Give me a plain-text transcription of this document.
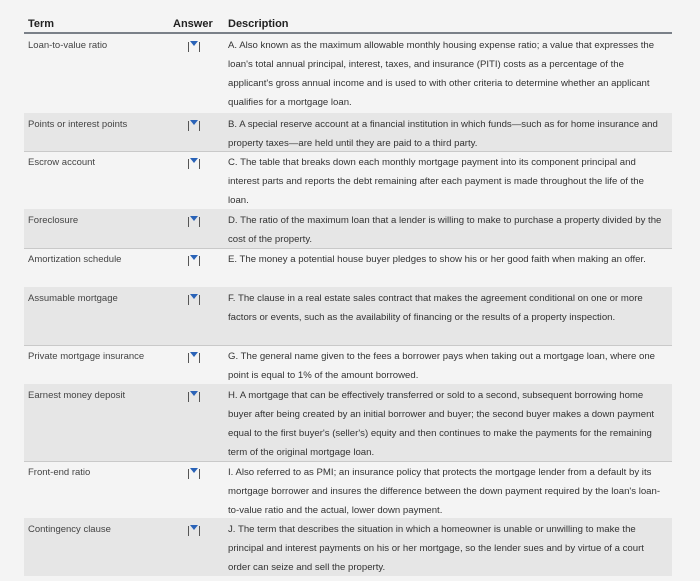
Term	Answer Description
Loan-to-value ratio	A. Also known as the maximum allowable monthly housing expense ratio; a value that expresses the loan's total annual principal, interest, taxes, and insurance (PITI) costs as a percentage of the applicant's gross annual income and is used to with other criteria to determine whether an applicant qualifies for a mortgage loan.
Points or interest points	B. A special reserve account at a financial institution in which funds—such as for home insurance and property taxes—are held until they are paid to a third party.
Escrow account	C. The table that breaks down each monthly mortgage payment into its component principal and interest parts and reports the debt remaining after each payment is made throughout the life of the loan.
Foreclosure	D. The ratio of the maximum loan that a lender is willing to make to purchase a property divided by the cost of the property.
Amortization schedule	E. The money a potential house buyer pledges to show his or her good faith when making an offer.
Assumable mortgage	F. The clause in a real estate sales contract that makes the agreement conditional on one or more factors or events, such as the availability of financing or the results of a property inspection.
Private mortgage insurance	G. The general name given to the fees a borrower pays when taking out a mortgage loan, where one point is equal to 1% of the amount borrowed.
Earnest money deposit	H. A mortgage that can be effectively transferred or sold to a second, subsequent borrowing home buyer after being created by an initial borrower and buyer; the second buyer makes a down payment equal to the first buyer's (seller's) equity and then continues to make the payments for the remaining term of the original mortgage loan.
Front-end ratio	I. Also referred to as PMI; an insurance policy that protects the mortgage lender from a default by its mortgage borrower and insures the difference between the down payment required by the loan's loan-to-value ratio and the actual, lower down payment.
Contingency clause	J. The term that describes the situation in which a homeowner is unable or unwilling to make the principal and interest payments on his or her mortgage, so the lender sues and by virtue of a court order can seize and sell the property.
